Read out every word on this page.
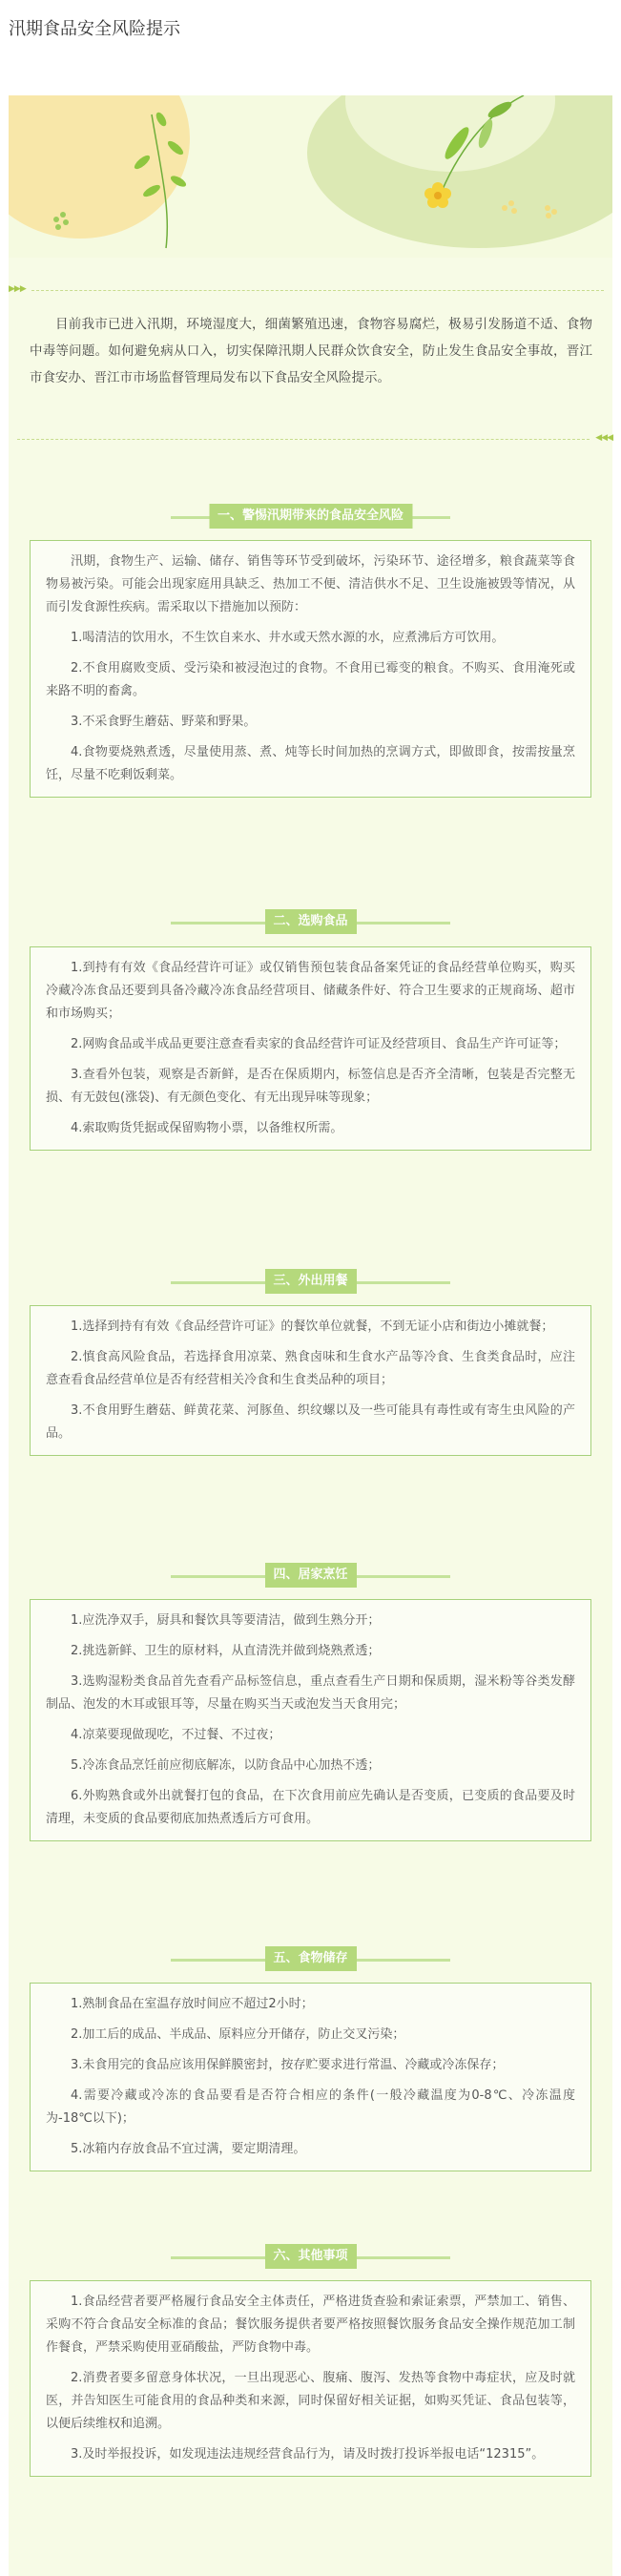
汛期食品安全风险提示
▶▶▶

目前我市已进入汛期，环境湿度大，细菌繁殖迅速，食物容易腐烂，极易引发肠道不适、食物中毒等问题。如何避免病从口入，切实保障汛期人民群众饮食安全，防止发生食品安全事故，晋江市食安办、晋江市市场监督管理局发布以下食品安全风险提示。

◀◀◀
一、警惕汛期带来的食品安全风险

汛期，食物生产、运输、储存、销售等环节受到破坏，污染环节、途径增多，粮食蔬菜等食物易被污染。可能会出现家庭用具缺乏、热加工不便、清洁供水不足、卫生设施被毁等情况，从而引发食源性疾病。需采取以下措施加以预防：

1.喝清洁的饮用水，不生饮自来水、井水或天然水源的水，应煮沸后方可饮用。

2.不食用腐败变质、受污染和被浸泡过的食物。不食用已霉变的粮食。不购买、食用淹死或来路不明的畜禽。

3.不采食野生蘑菇、野菜和野果。

4.食物要烧熟煮透，尽量使用蒸、煮、炖等长时间加热的烹调方式，即做即食，按需按量烹饪，尽量不吃剩饭剩菜。

二、选购食品

1.到持有有效《食品经营许可证》或仅销售预包装食品备案凭证的食品经营单位购买，购买冷藏冷冻食品还要到具备冷藏冷冻食品经营项目、储藏条件好、符合卫生要求的正规商场、超市和市场购买；

2.网购食品或半成品更要注意查看卖家的食品经营许可证及经营项目、食品生产许可证等；

3.查看外包装，观察是否新鲜，是否在保质期内，标签信息是否齐全清晰，包装是否完整无损、有无鼓包(涨袋)、有无颜色变化、有无出现异味等现象；

4.索取购货凭据或保留购物小票，以备维权所需。

三、外出用餐

1.选择到持有有效《食品经营许可证》的餐饮单位就餐，不到无证小店和街边小摊就餐；

2.慎食高风险食品，若选择食用凉菜、熟食卤味和生食水产品等冷食、生食类食品时，应注意查看食品经营单位是否有经营相关冷食和生食类品种的项目；

3.不食用野生蘑菇、鲜黄花菜、河豚鱼、织纹螺以及一些可能具有毒性或有寄生虫风险的产品。

四、居家烹饪

1.应洗净双手，厨具和餐饮具等要清洁，做到生熟分开；

2.挑选新鲜、卫生的原材料，从直清洗并做到烧熟煮透；

3.选购湿粉类食品首先查看产品标签信息，重点查看生产日期和保质期，湿米粉等谷类发酵制品、泡发的木耳或银耳等，尽量在购买当天或泡发当天食用完；

4.凉菜要现做现吃，不过餐、不过夜；

5.冷冻食品烹饪前应彻底解冻，以防食品中心加热不透；

6.外购熟食或外出就餐打包的食品，在下次食用前应先确认是否变质，已变质的食品要及时清理，未变质的食品要彻底加热煮透后方可食用。

五、食物储存

1.熟制食品在室温存放时间应不超过2小时；

2.加工后的成品、半成品、原料应分开储存，防止交叉污染；

3.未食用完的食品应该用保鲜膜密封，按存贮要求进行常温、冷藏或冷冻保存；

4.需要冷藏或冷冻的食品要看是否符合相应的条件(一般冷藏温度为0-8℃、冷冻温度为-18℃以下)；

5.冰箱内存放食品不宜过满，要定期清理。

六、其他事项

1.食品经营者要严格履行食品安全主体责任，严格进货查验和索证索票，严禁加工、销售、采购不符合食品安全标准的食品；餐饮服务提供者要严格按照餐饮服务食品安全操作规范加工制作餐食，严禁采购使用亚硝酸盐，严防食物中毒。

2.消费者要多留意身体状况，一旦出现恶心、腹痛、腹泻、发热等食物中毒症状，应及时就医，并告知医生可能食用的食品种类和来源，同时保留好相关证据，如购买凭证、食品包装等，以便后续维权和追溯。

3.及时举报投诉，如发现违法违规经营食品行为，请及时拨打投诉举报电话“12315”。
